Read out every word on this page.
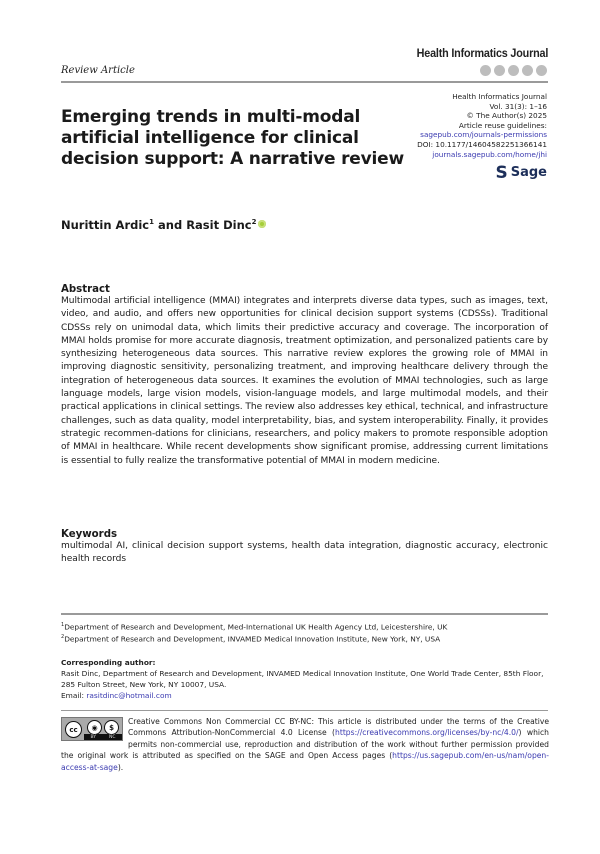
Review Article
Health Informatics Journal
Health Informatics Journal
Vol. 31(3): 1–16
© The Author(s) 2025
Article reuse guidelines:
sagepub.com/journals-permissions
DOI: 10.1177/14604582251366141
journals.sagepub.com/home/jhi
S Sage
Emerging trends in multi-modal artificial intelligence for clinical decision support: A narrative review
Nurittin Ardic$^1$ and Rasit Dinc$^2$
Abstract

Multimodal artificial intelligence (MMAI) integrates and interprets diverse data types, such as images, text, video, and audio, and offers new opportunities for clinical decision support systems (CDSSs). Traditional CDSSs rely on unimodal data, which limits their predictive accuracy and coverage. The incorporation of MMAI holds promise for more accurate diagnosis, treatment optimization, and personalized patients care by synthesizing heterogeneous data sources. This narrative review explores the growing role of MMAI in improving diagnostic sensitivity, personalizing treatment, and improving healthcare delivery through the integration of heterogeneous data sources. It examines the evolution of MMAI technologies, such as large language models, large vision models, vision-language models, and large multimodal models, and their practical applications in clinical settings. The review also addresses key ethical, technical, and infrastructure challenges, such as data quality, model interpretability, bias, and system interoperability. Finally, it provides strategic recommen-dations for clinicians, researchers, and policy makers to promote responsible adoption of MMAI in healthcare. While recent developments show significant promise, addressing current limitations is essential to fully realize the transformative potential of MMAI in modern medicine.

Keywords

multimodal AI, clinical decision support systems, health data integration, diagnostic accuracy, electronic health records

$^1$Department of Research and Development, Med-International UK Health Agency Ltd, Leicestershire, UK
$^2$Department of Research and Development, INVAMED Medical Innovation Institute, New York, NY, USA
Corresponding author:
Rasit Dinc, Department of Research and Development, INVAMED Medical Innovation Institute, One World Trade Center, 85th Floor, 285 Fulton Street, New York, NY 10007, USA.
Email: rasitdinc@hotmail.com
Creative Commons Non Commercial CC BY-NC: This article is distributed under the terms of the Creative Commons Attribution-NonCommercial 4.0 License (https://creativecommons.org/licenses/by-nc/4.0/) which permits non-commercial use, reproduction and distribution of the work without further permission provided the original work is attributed as specified on the SAGE and Open Access pages (https://us.sagepub.com/en-us/nam/open-access-at-sage).
cc	◉	$
BY	NC
